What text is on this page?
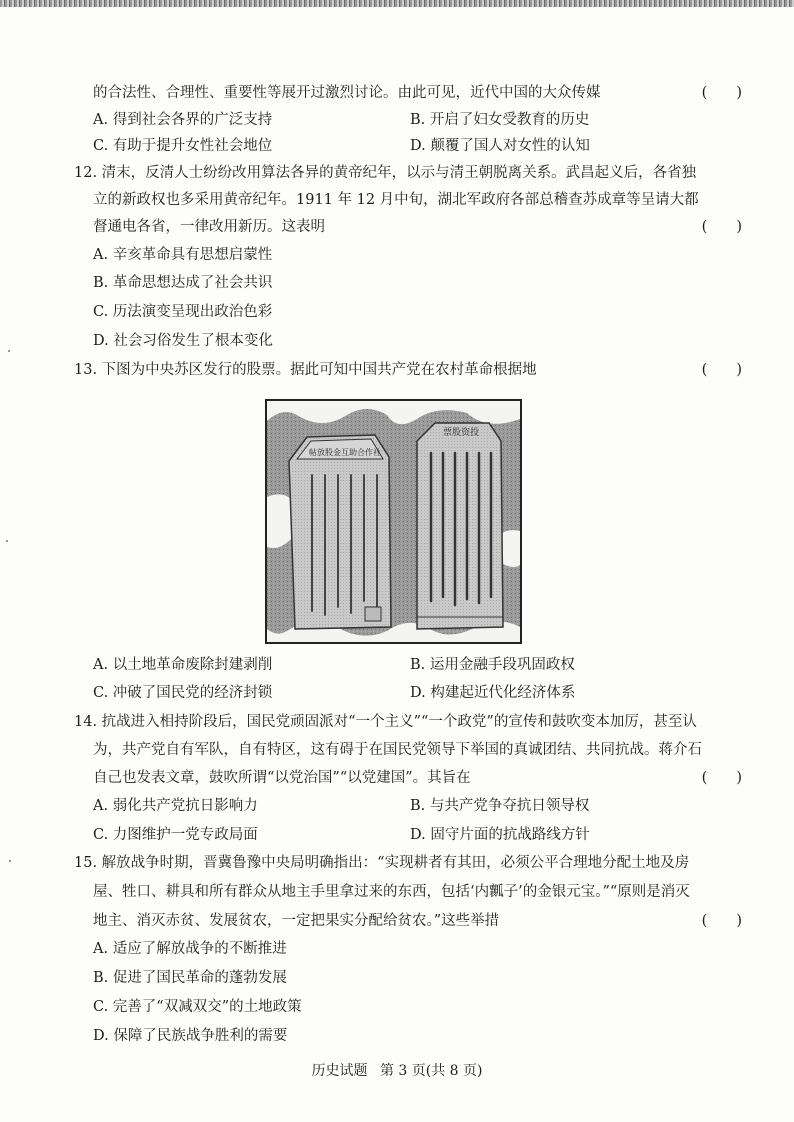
的合法性、合理性、重要性等展开过激烈讨论。由此可见，近代中国的大众传媒	(　　)
A. 得到社会各界的广泛支持	B. 开启了妇女受教育的历史
C. 有助于提升女性社会地位	D. 颠覆了国人对女性的认知
12. 清末，反清人士纷纷改用算法各异的黄帝纪年，以示与清王朝脱离关系。武昌起义后，各省独
立的新政权也多采用黄帝纪年。1911 年 12 月中旬，湖北军政府各部总稽查苏成章等呈请大都
督通电各省，一律改用新历。这表明	(　　)
A. 辛亥革命具有思想启蒙性
B. 革命思想达成了社会共识
C. 历法演变呈现出政治色彩
D. 社会习俗发生了根本变化
13. 下图为中央苏区发行的股票。据此可知中国共产党在农村革命根据地	(　　)
帖放股金互助合作社
票股资投
A. 以土地革命废除封建剥削	B. 运用金融手段巩固政权
C. 冲破了国民党的经济封锁	D. 构建起近代化经济体系
14. 抗战进入相持阶段后，国民党顽固派对“一个主义”“一个政党”的宣传和鼓吹变本加厉，甚至认
为，共产党自有军队，自有特区，这有碍于在国民党领导下举国的真诚团结、共同抗战。蒋介石
自己也发表文章，鼓吹所谓“以党治国”“以党建国”。其旨在	(　　)
A. 弱化共产党抗日影响力	B. 与共产党争夺抗日领导权
C. 力图维护一党专政局面	D. 固守片面的抗战路线方针
15. 解放战争时期，晋冀鲁豫中央局明确指出：“实现耕者有其田，必须公平合理地分配土地及房
屋、牲口、耕具和所有群众从地主手里拿过来的东西，包括‘内瓤子’的金银元宝。”“原则是消灭
地主、消灭赤贫、发展贫农，一定把果实分配给贫农。”这些举措	(　　)
A. 适应了解放战争的不断推进
B. 促进了国民革命的蓬勃发展
C. 完善了“双减双交”的土地政策
D. 保障了民族战争胜利的需要
历史试题 第 3 页(共 8 页)
